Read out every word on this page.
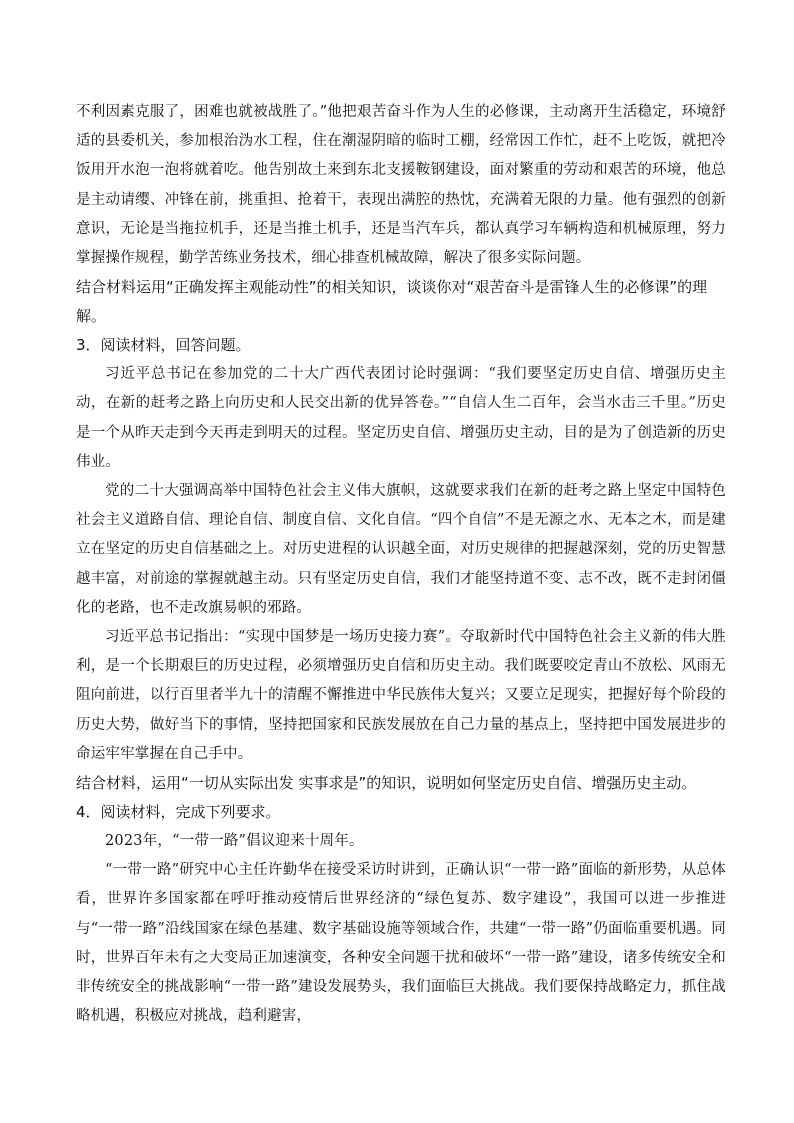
不利因素克服了，困难也就被战胜了。”他把艰苦奋斗作为人生的必修课，主动离开生活稳定，环境舒适的县委机关，参加根治沩水工程，住在潮湿阴暗的临时工棚，经常因工作忙，赶不上吃饭，就把冷饭用开水泡一泡将就着吃。他告别故土来到东北支援鞍钢建设，面对繁重的劳动和艰苦的环境，他总是主动请缨、冲锋在前，挑重担、抢着干，表现出满腔的热忱，充满着无限的力量。他有强烈的创新意识，无论是当拖拉机手，还是当推土机手，还是当汽车兵，都认真学习车辆构造和机械原理，努力掌握操作规程，勤学苦练业务技术，细心排查机械故障，解决了很多实际问题。

结合材料运用“正确发挥主观能动性”的相关知识，谈谈你对“艰苦奋斗是雷锋人生的必修课”的理解。

3．阅读材料，回答问题。

习近平总书记在参加党的二十大广西代表团讨论时强调：“我们要坚定历史自信、增强历史主动，在新的赶考之路上向历史和人民交出新的优异答卷。”“自信人生二百年，会当水击三千里。”历史是一个从昨天走到今天再走到明天的过程。坚定历史自信、增强历史主动，目的是为了创造新的历史伟业。

党的二十大强调高举中国特色社会主义伟大旗帜，这就要求我们在新的赶考之路上坚定中国特色社会主义道路自信、理论自信、制度自信、文化自信。“四个自信”不是无源之水、无本之木，而是建立在坚定的历史自信基础之上。对历史进程的认识越全面，对历史规律的把握越深刻，党的历史智慧越丰富，对前途的掌握就越主动。只有坚定历史自信，我们才能坚持道不变、志不改，既不走封闭僵化的老路，也不走改旗易帜的邪路。

习近平总书记指出：“实现中国梦是一场历史接力赛”。夺取新时代中国特色社会主义新的伟大胜利，是一个长期艰巨的历史过程，必须增强历史自信和历史主动。我们既要咬定青山不放松、风雨无阻向前进，以行百里者半九十的清醒不懈推进中华民族伟大复兴；又要立足现实，把握好每个阶段的历史大势，做好当下的事情，坚持把国家和民族发展放在自己力量的基点上，坚持把中国发展进步的命运牢牢掌握在自己手中。

结合材料，运用“一切从实际出发 实事求是”的知识，说明如何坚定历史自信、增强历史主动。

4．阅读材料，完成下列要求。

2023年，“一带一路”倡议迎来十周年。

“一带一路”研究中心主任许勤华在接受采访时讲到，正确认识“一带一路”面临的新形势，从总体看，世界许多国家都在呼吁推动疫情后世界经济的“绿色复苏、数字建设”，我国可以进一步推进与“一带一路”沿线国家在绿色基建、数字基础设施等领域合作，共建“一带一路”仍面临重要机遇。同时，世界百年未有之大变局正加速演变，各种安全问题干扰和破坏“一带一路”建设，诸多传统安全和非传统安全的挑战影响“一带一路”建设发展势头，我们面临巨大挑战。我们要保持战略定力，抓住战略机遇，积极应对挑战，趋利避害，
